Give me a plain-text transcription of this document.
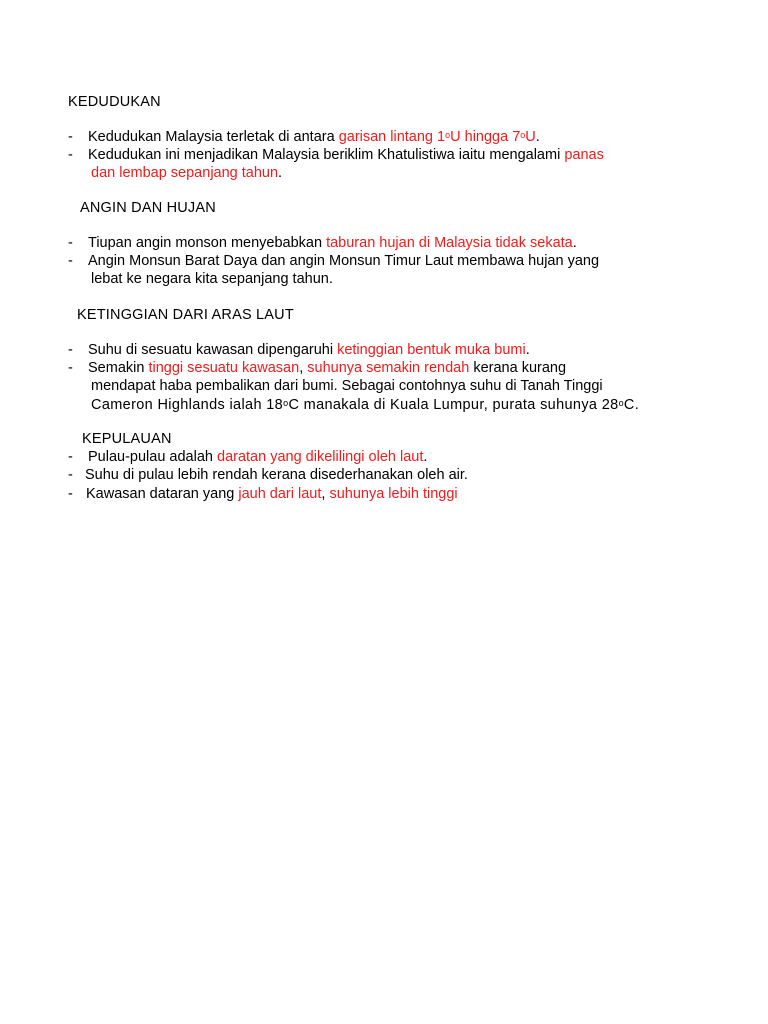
KEDUDUKAN
- Kedudukan Malaysia terletak di antara garisan lintang 1$^o$U hingga 7$^o$U.
- Kedudukan ini menjadikan Malaysia beriklim Khatulistiwa iaitu mengalami panas
dan lembap sepanjang tahun.
ANGIN DAN HUJAN
- Tiupan angin monson menyebabkan taburan hujan di Malaysia tidak sekata.
- Angin Monsun Barat Daya dan angin Monsun Timur Laut membawa hujan yang
lebat ke negara kita sepanjang tahun.
KETINGGIAN DARI ARAS LAUT
- Suhu di sesuatu kawasan dipengaruhi ketinggian bentuk muka bumi.
- Semakin tinggi sesuatu kawasan, suhunya semakin rendah kerana kurang
mendapat haba pembalikan dari bumi. Sebagai contohnya suhu di Tanah Tinggi
Cameron Highlands ialah 18$^o$C manakala di Kuala Lumpur, purata suhunya 28$^o$C.
KEPULAUAN
- Pulau-pulau adalah daratan yang dikelilingi oleh laut.
- Suhu di pulau lebih rendah kerana disederhanakan oleh air.
- Kawasan dataran yang jauh dari laut, suhunya lebih tinggi
